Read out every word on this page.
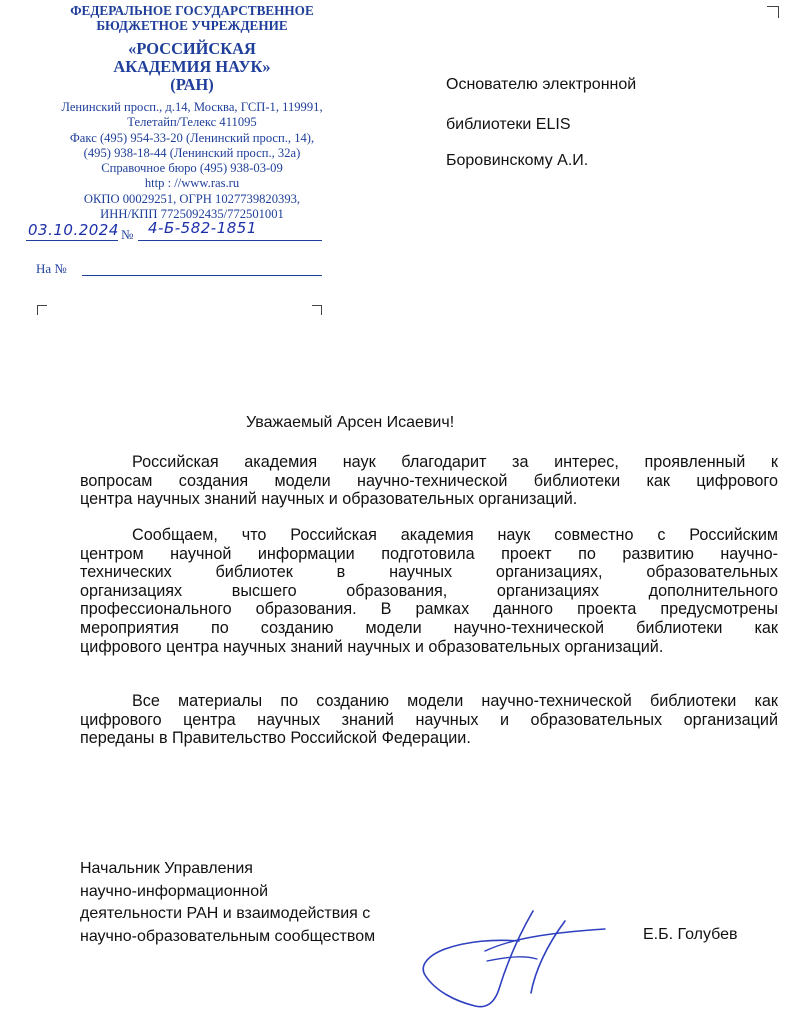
ФЕДЕРАЛЬНОЕ ГОСУДАРСТВЕННОЕ
БЮДЖЕТНОЕ УЧРЕЖДЕНИЕ
«РОССИЙСКАЯ
АКАДЕМИЯ НАУК»
(РАН)
Ленинский просп., д.14, Москва, ГСП-1, 119991,
Телетайп/Телекс 411095
Факс (495) 954-33-20 (Ленинский просп., 14),
(495) 938-18-44 (Ленинский просп., 32а)
Справочное бюро (495) 938-03-09
http : //www.ras.ru
ОКПО 00029251, ОГРН 1027739820393,
ИНН/КПП 7725092435/772501001
03.10.2024 № 4-Б-582-1851
На №
Основателю электронной
библиотеки ELIS
Боровинскому А.И.
Уважаемый Арсен Исаевич!
Российская академия наук благодарит за интерес, проявленный к
вопросам создания модели научно-технической библиотеки как цифрового
центра научных знаний научных и образовательных организаций.
Сообщаем, что Российская академия наук совместно с Российским
центром научной информации подготовила проект по развитию научно-
технических библиотек в научных организациях, образовательных
организациях высшего образования, организациях дополнительного
профессионального образования. В рамках данного проекта предусмотрены
мероприятия по созданию модели научно-технической библиотеки как
цифрового центра научных знаний научных и образовательных организаций.
Все материалы по созданию модели научно-технической библиотеки как
цифрового центра научных знаний научных и образовательных организаций
переданы в Правительство Российской Федерации.
Начальник Управления
научно-информационной
деятельности РАН и взаимодействия с
научно-образовательным сообществом	Е.Б. Голубев
